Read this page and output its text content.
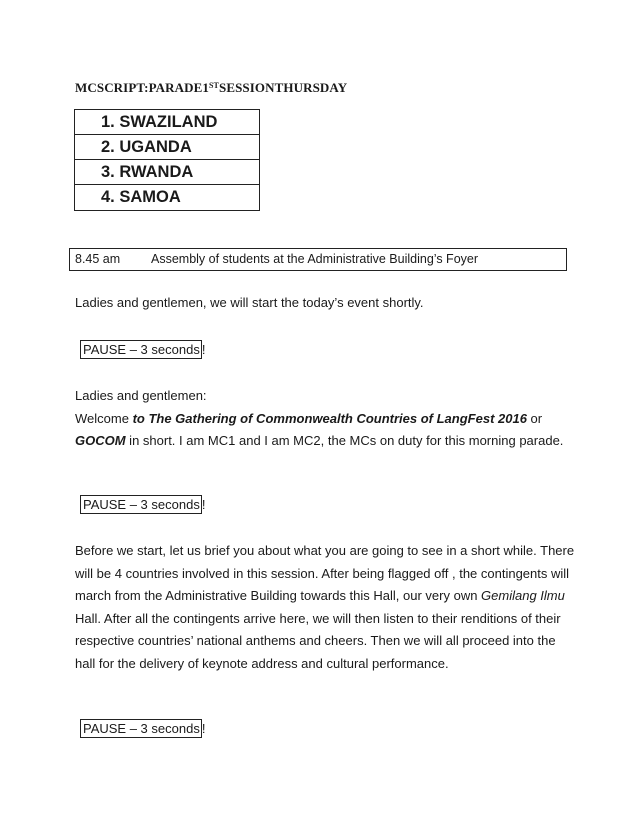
MCSCRIPT:PARADE1STSESSIONTHURSDAY
1. SWAZILAND
2. UGANDA
3. RWANDA
4. SAMOA
8.45 am Assembly of students at the Administrative Building’s Foyer
Ladies and gentlemen, we will start the today’s event shortly.
PAUSE – 3 seconds !
Ladies and gentlemen:
Welcome to The Gathering of Commonwealth Countries of LangFest 2016 or
GOCOM in short. I am MC1 and I am MC2, the MCs on duty for this morning parade.
PAUSE – 3 seconds !
Before we start, let us brief you about what you are going to see in a short while. There will be 4 countries involved in this session. After being flagged off , the contingents will march from the Administrative Building towards this Hall, our very own Gemilang Ilmu Hall. After all the contingents arrive here, we will then listen to their renditions of their respective countries’ national anthems and cheers. Then we will all proceed into the hall for the delivery of keynote address and cultural performance.
PAUSE – 3 seconds !
